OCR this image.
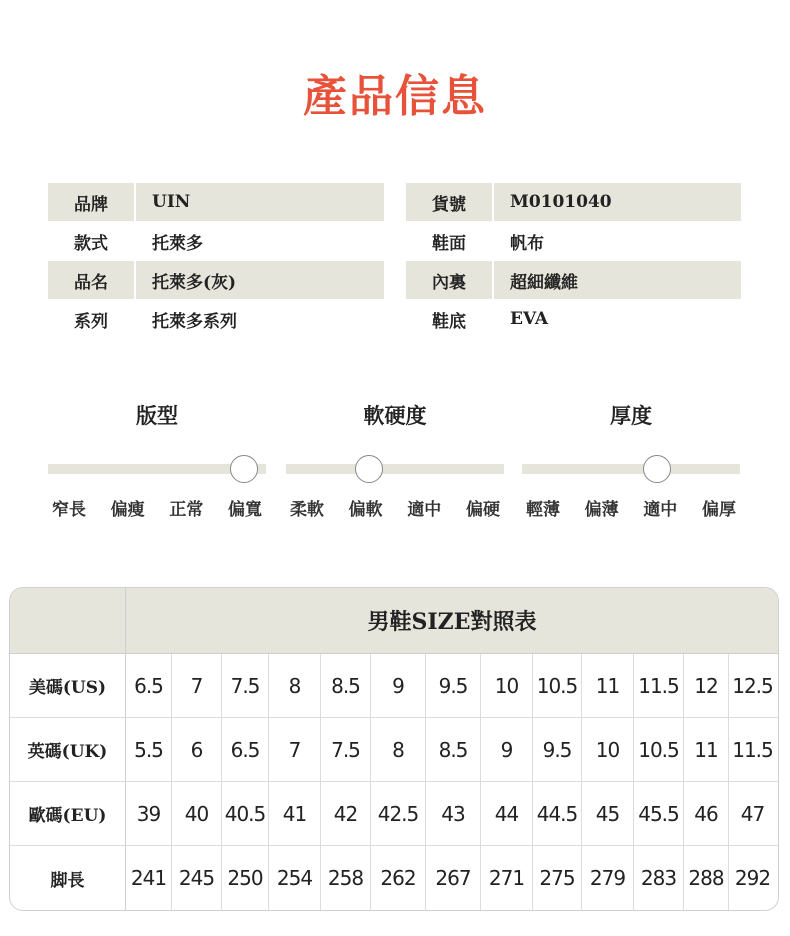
產品信息
品牌	UIN	貨號	M0101040
款式	托萊多	鞋面	帆布
品名	托萊多(灰)	內裏	超細纖維
系列	托萊多系列	鞋底	EVA
版型
窄長 偏瘦 正常 偏寬
軟硬度
柔軟 偏軟 適中 偏硬
厚度
輕薄 偏薄 適中 偏厚
男鞋SIZE對照表
美碼(US)	6.5	7	7.5	8	8.5	9	9.5	10 10.5 11 11.5 12 12.5
英碼(UK)	5.5	6	6.5	7	7.5	8	8.5	9	9.5	10 10.5 11 11.5
歐碼(EU)	39	40 40.5 41	42	42.5	43	44 44.5 45 45.5 46	47
脚長	241 245 250 254 258 262 267 271 275 279 283 288 292
